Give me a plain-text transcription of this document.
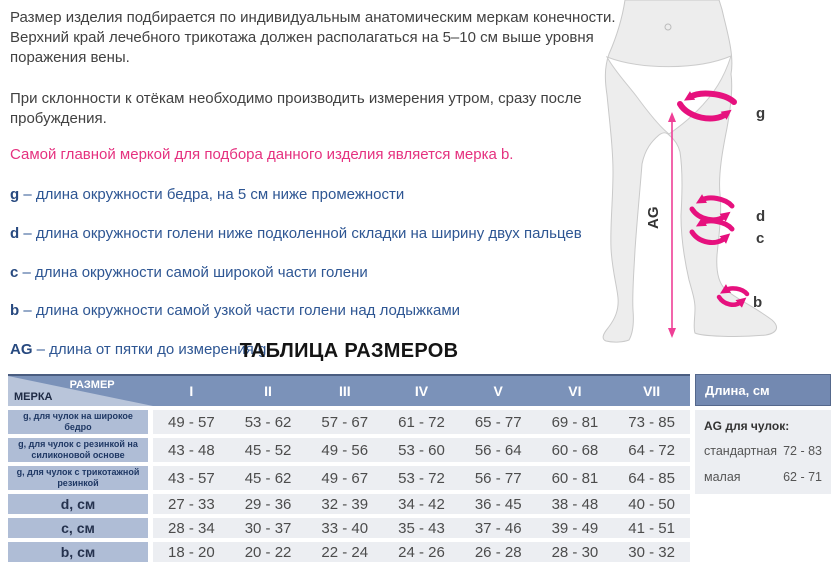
Размер изделия подбирается по индивидуальным анатомическим меркам конечности. Верхний край лечебного трикотажа должен располагаться на 5–10 см выше уровня поражения вены.

При склонности к отёкам необходимо производить измерения утром, сразу после пробуждения.

Самой главной меркой для подбора данного изделия является мерка b.

g – длина окружности бедра, на 5 см ниже промежности
d – длина окружности голени ниже подколенной складки на ширину двух пальцев
c – длина окружности самой широкой части голени
b – длина окружности самой узкой части голени над лодыжками
AG – длина от пятки до измерения g
g
d
c
b
AG
ТАБЛИЦА РАЗМЕРОВ
РАЗМЕР
МЕРКА	I	II	III	IV	V	VI	VII
g, для чулок на широкое бедро	49 - 57	53 - 62	57 - 67	61 - 72	65 - 77	69 - 81	73 - 85
g, для чулок с резинкой на силиконовой основе	43 - 48	45 - 52	49 - 56	53 - 60	56 - 64	60 - 68	64 - 72
g, для чулок с трикотажной резинкой	43 - 57	45 - 62	49 - 67	53 - 72	56 - 77	60 - 81	64 - 85
d, см	27 - 33	29 - 36	32 - 39	34 - 42	36 - 45	38 - 48	40 - 50
c, см	28 - 34	30 - 37	33 - 40	35 - 43	37 - 46	39 - 49	41 - 51
b, см	18 - 20	20 - 22	22 - 24	24 - 26	26 - 28	28 - 30	30 - 32
Длина, см
AG для чулок:
стандартная 72 - 83
малая	62 - 71
